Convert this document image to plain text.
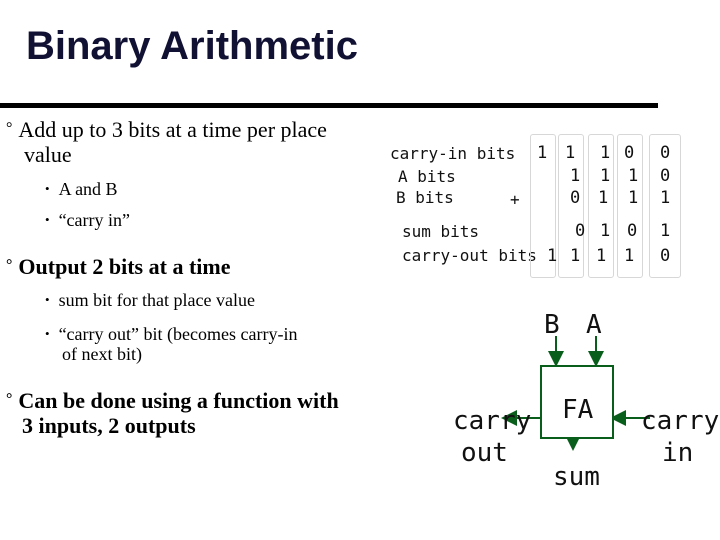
Binary Arithmetic
° Add up to 3 bits at a time per place
value
• A and B
• “carry in”
° Output 2 bits at a time
• sum bit for that place value
• “carry out” bit (becomes carry-in
of next bit)
° Can be done using a function with
3 inputs, 2 outputs
carry-in bits
A bits
B bits	+
sum bits
carry-out bits
1 1 1 0 0
1 1 1 0
0 1 1 1
0 1 0 1
1 1 1 1 0
B A
FA
carry
out
carry
in
sum
